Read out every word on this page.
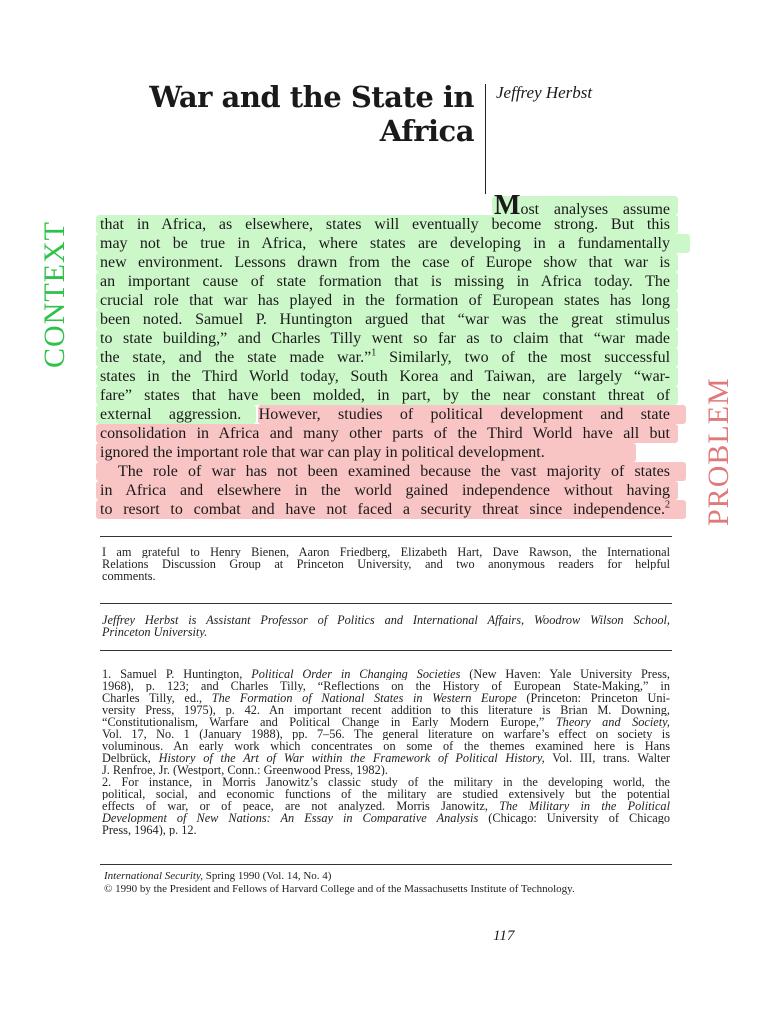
War and the State in
Africa
Jeffrey Herbst
CONTEXT
PROBLEM
Most analyses assume
that in Africa, as elsewhere, states will eventually become strong. But this
may not be true in Africa, where states are developing in a fundamentally
new environment. Lessons drawn from the case of Europe show that war is
an important cause of state formation that is missing in Africa today. The
crucial role that war has played in the formation of European states has long
been noted. Samuel P. Huntington argued that “war was the great stimulus
to state building,” and Charles Tilly went so far as to claim that “war made
the state, and the state made war.”$^1$ Similarly, two of the most successful
states in the Third World today, South Korea and Taiwan, are largely “war-
fare” states that have been molded, in part, by the near constant threat of
external aggression. However, studies of political development and state
consolidation in Africa and many other parts of the Third World have all but
ignored the important role that war can play in political development.
The role of war has not been examined because the vast majority of states
in Africa and elsewhere in the world gained independence without having
to resort to combat and have not faced a security threat since independence.$^2$
I am grateful to Henry Bienen, Aaron Friedberg, Elizabeth Hart, Dave Rawson, the International
Relations Discussion Group at Princeton University, and two anonymous readers for helpful
comments.
Jeffrey Herbst is Assistant Professor of Politics and International Affairs, Woodrow Wilson School,
Princeton University.
1. Samuel P. Huntington, Political Order in Changing Societies (New Haven: Yale University Press,
1968), p. 123; and Charles Tilly, “Reflections on the History of European State-Making,” in
Charles Tilly, ed., The Formation of National States in Western Europe (Princeton: Princeton Uni-
versity Press, 1975), p. 42. An important recent addition to this literature is Brian M. Downing,
“Constitutionalism, Warfare and Political Change in Early Modern Europe,” Theory and Society,
Vol. 17, No. 1 (January 1988), pp. 7–56. The general literature on warfare’s effect on society is
voluminous. An early work which concentrates on some of the themes examined here is Hans
Delbrück, History of the Art of War within the Framework of Political History, Vol. III, trans. Walter
J. Renfroe, Jr. (Westport, Conn.: Greenwood Press, 1982).
2. For instance, in Morris Janowitz’s classic study of the military in the developing world, the
political, social, and economic functions of the military are studied extensively but the potential
effects of war, or of peace, are not analyzed. Morris Janowitz, The Military in the Political
Development of New Nations: An Essay in Comparative Analysis (Chicago: University of Chicago
Press, 1964), p. 12.
International Security, Spring 1990 (Vol. 14, No. 4)
© 1990 by the President and Fellows of Harvard College and of the Massachusetts Institute of Technology.
117
